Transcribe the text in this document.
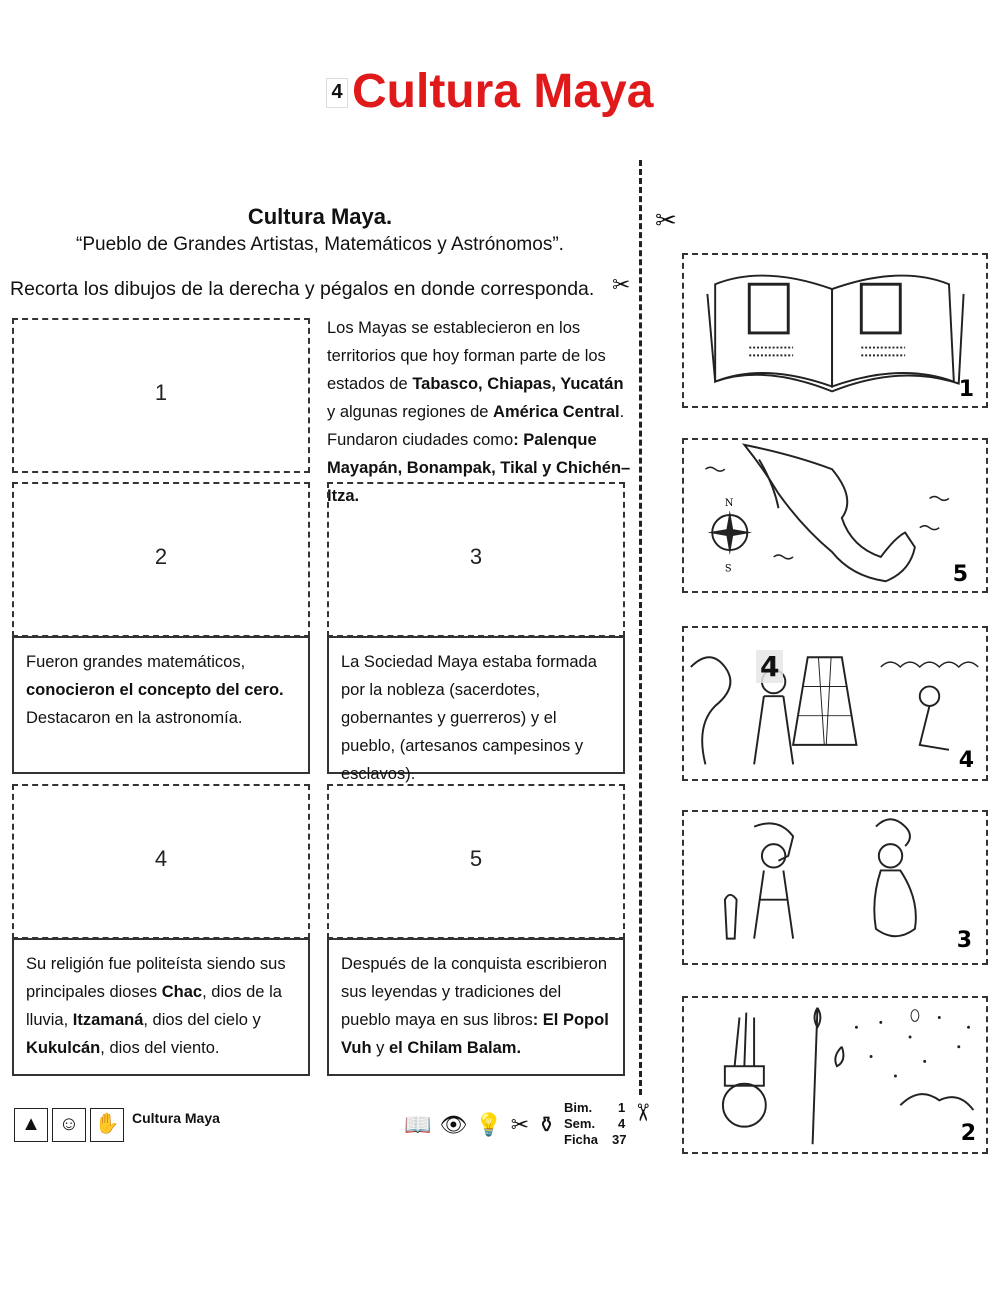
4 Cultura Maya
✂
Cultura Maya.
“Pueblo de Grandes Artistas, Matemáticos y Astrónomos”.
Recorta los dibujos de la derecha y pégalos en donde corresponda. ✂
1
Los Mayas se establecieron en los territorios que hoy forman parte de los estados de Tabasco, Chiapas, Yucatán y algunas regiones de América Central. Fundaron ciudades como: Palenque Mayapán, Bonampak, Tikal y Chichén–Itza.
2
Fueron grandes matemáticos, conocieron el concepto del cero. Destacaron en la astronomía.
3
La Sociedad Maya estaba formada por la nobleza (sacerdotes, gobernantes y guerreros) y el pueblo, (artesanos campesinos y esclavos).
4
Su religión fue politeísta siendo sus principales dioses Chac, dios de la lluvia, Itzamaná, dios del cielo y Kukulcán, dios del viento.
5
Después de la conquista escribieron sus leyendas y tradiciones del pueblo maya en sus libros: El Popol Vuh y el Chilam Balam.
1
N
S	5
4
4
3
2
▲ ☺ ✋ Cultura Maya	📖 👁 💡 ✂ ⚱
Bim. 1
Sem. 4
Ficha 37
✂
